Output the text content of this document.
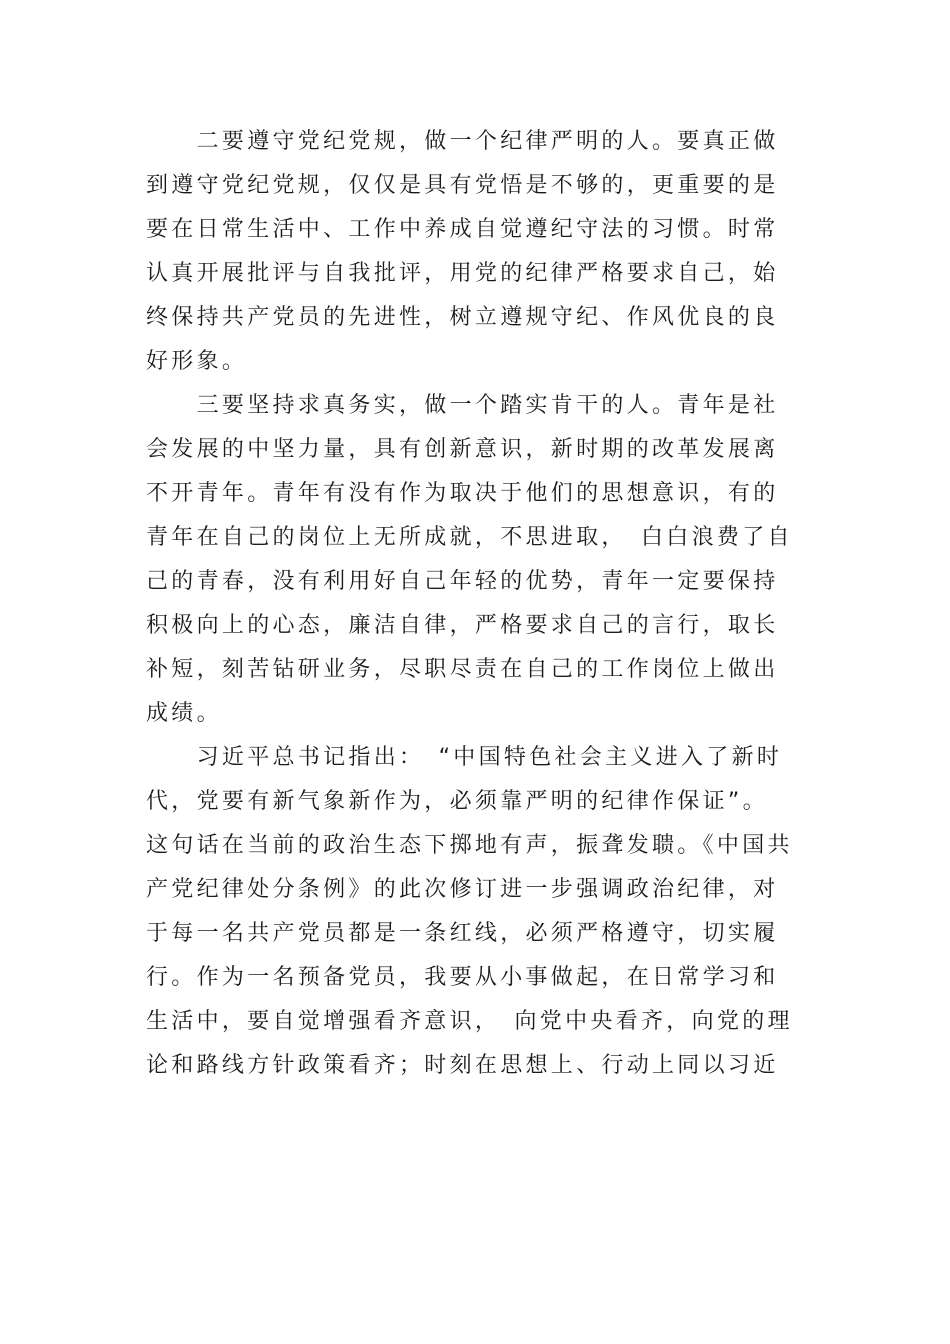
　　二要遵守党纪党规，做一个纪律严明的人。要真正做
到遵守党纪党规，仅仅是具有党悟是不够的，更重要的是
要在日常生活中、工作中养成自觉遵纪守法的习惯。时常
认真开展批评与自我批评，用党的纪律严格要求自己，始
终保持共产党员的先进性，树立遵规守纪、作风优良的良
好形象。
　　三要坚持求真务实，做一个踏实肯干的人。青年是社
会发展的中坚力量，具有创新意识，新时期的改革发展离
不开青年。青年有没有作为取决于他们的思想意识，有的
青年在自己的岗位上无所成就，不思进取，　白白浪费了自
己的青春，没有利用好自己年轻的优势，青年一定要保持
积极向上的心态，廉洁自律，严格要求自己的言行，取长
补短，刻苦钻研业务，尽职尽责在自己的工作岗位上做出
成绩。
　　习近平总书记指出：　“中国特色社会主义进入了新时
代，党要有新气象新作为，必须靠严明的纪律作保证”。
这句话在当前的政治生态下掷地有声，振聋发聩。《中国共
产党纪律处分条例》的此次修订进一步强调政治纪律，对
于每一名共产党员都是一条红线，必须严格遵守，切实履
行。作为一名预备党员，我要从小事做起，在日常学习和
生活中，要自觉增强看齐意识，　向党中央看齐，向党的理
论和路线方针政策看齐；时刻在思想上、行动上同以习近
